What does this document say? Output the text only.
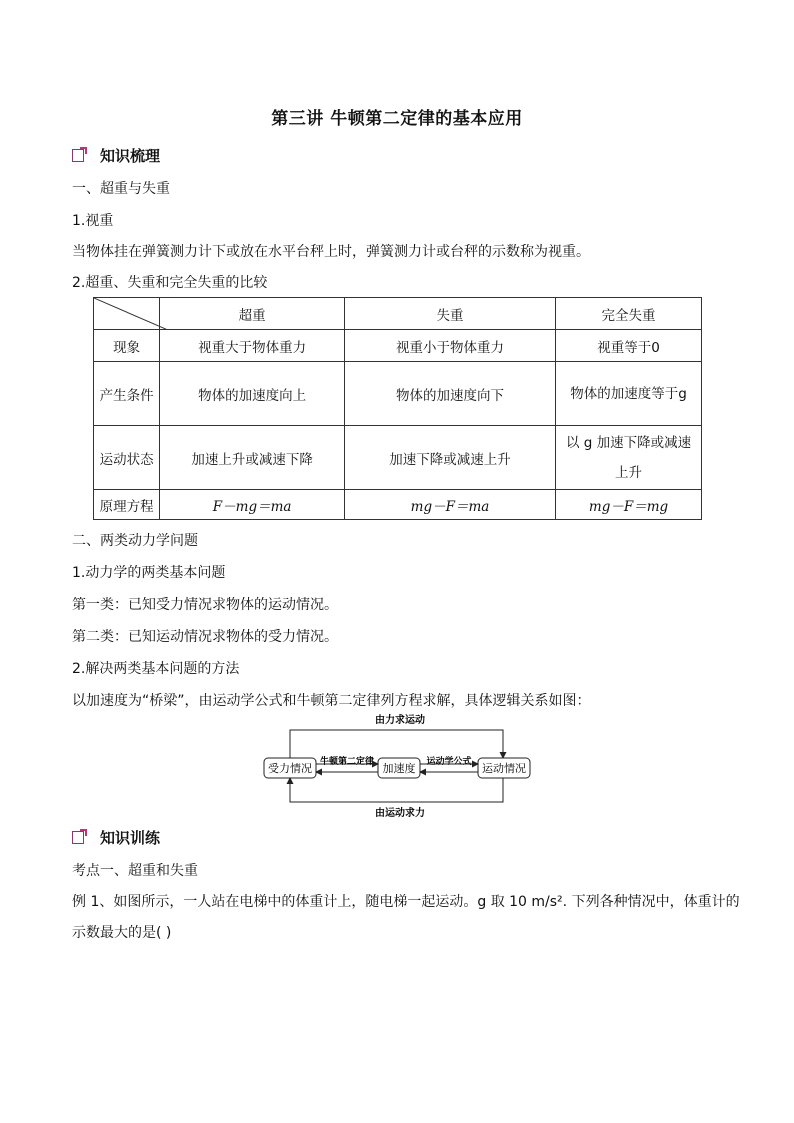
第三讲 牛顿第二定律的基本应用
知识梳理
一、超重与失重
1.视重
当物体挂在弹簧测力计下或放在水平台秤上时，弹簧测力计或台秤的示数称为视重。
2.超重、失重和完全失重的比较
	超重	失重	完全失重
现象	视重大于物体重力	视重小于物体重力	视重等于0
产生条件	物体的加速度向上	物体的加速度向下	物体的加速度等于g
运动状态	加速上升或减速下降	加速下降或减速上升	以 g 加速下降或减速上升
原理方程	F－mg＝ma	mg－F＝ma	mg－F＝mg
二、两类动力学问题
1.动力学的两类基本问题
第一类：已知受力情况求物体的运动情况。
第二类：已知运动情况求物体的受力情况。
2.解决两类基本问题的方法
以加速度为“桥梁”，由运动学公式和牛顿第二定律列方程求解，具体逻辑关系如图：
由力求运动
受力情况	加速度	运动情况
牛顿第二定律	运动学公式
由运动求力
知识训练
考点一、超重和失重
例 1、如图所示，一人站在电梯中的体重计上，随电梯一起运动。g 取 10 m/s². 下列各种情况中，体重计的
示数最大的是( )
